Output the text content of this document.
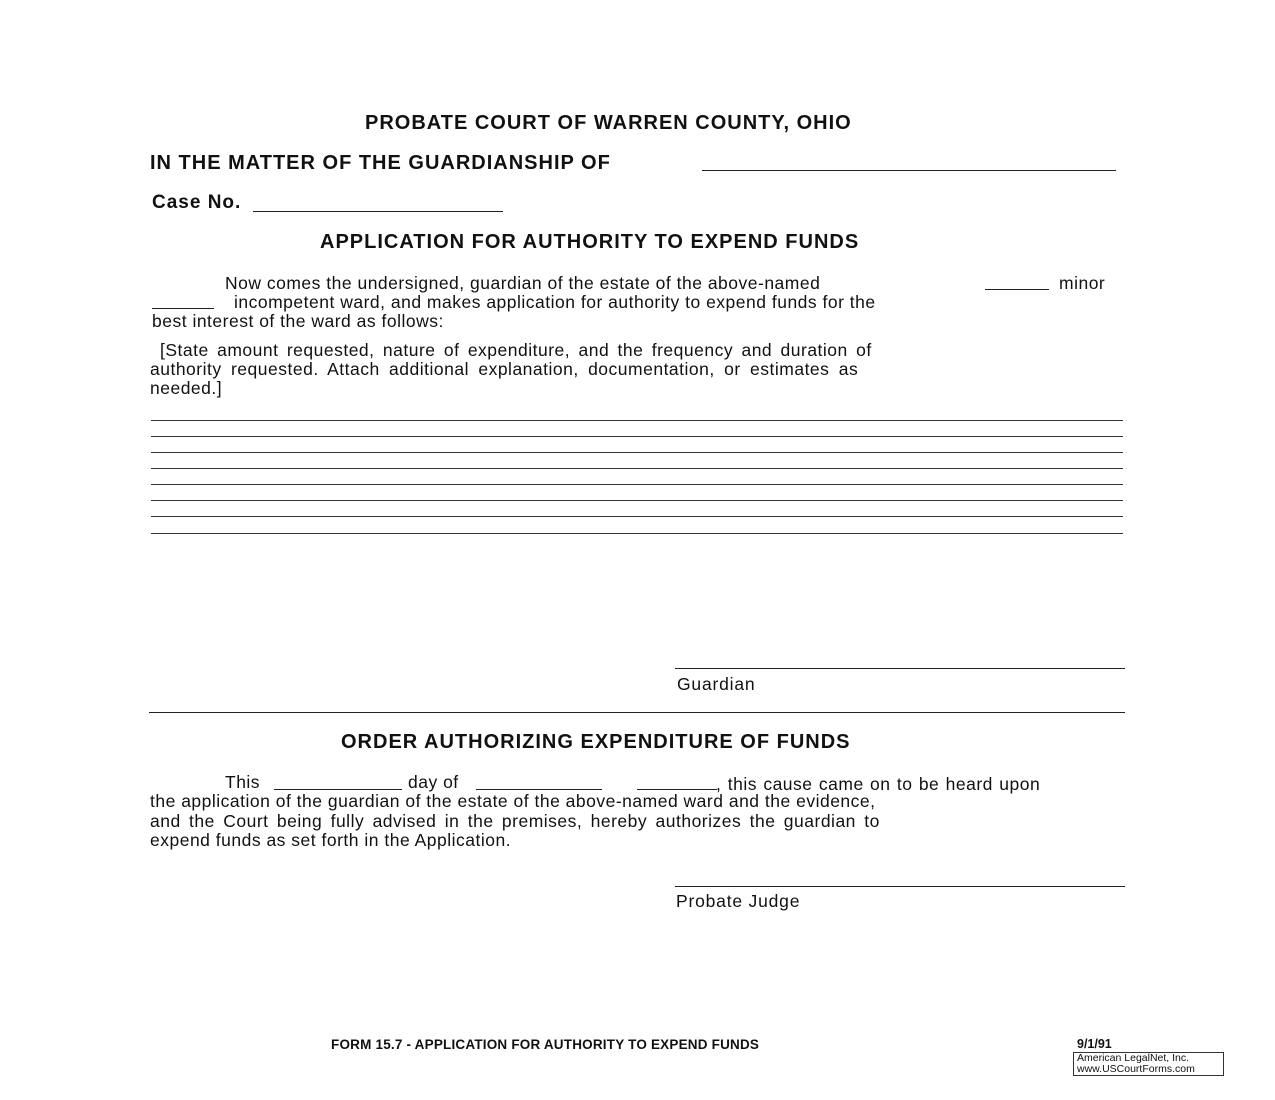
PROBATE COURT OF WARREN COUNTY, OHIO
IN THE MATTER OF THE GUARDIANSHIP OF
Case No.
APPLICATION FOR AUTHORITY TO EXPEND FUNDS
Now comes the undersigned, guardian of the estate of the above-named	minor
incompetent ward, and makes application for authority to expend funds for the
best interest of the ward as follows:
[State amount requested, nature of expenditure, and the frequency and duration of
authority requested. Attach additional explanation, documentation, or estimates as
needed.]
Guardian
ORDER AUTHORIZING EXPENDITURE OF FUNDS
This	day of	, this cause came on to be heard upon
the application of the guardian of the estate of the above-named ward and the evidence,
and the Court being fully advised in the premises, hereby authorizes the guardian to
expend funds as set forth in the Application.
Probate Judge
FORM 15.7 - APPLICATION FOR AUTHORITY TO EXPEND FUNDS	9/1/91
American LegalNet, Inc.
www.USCourtForms.com
